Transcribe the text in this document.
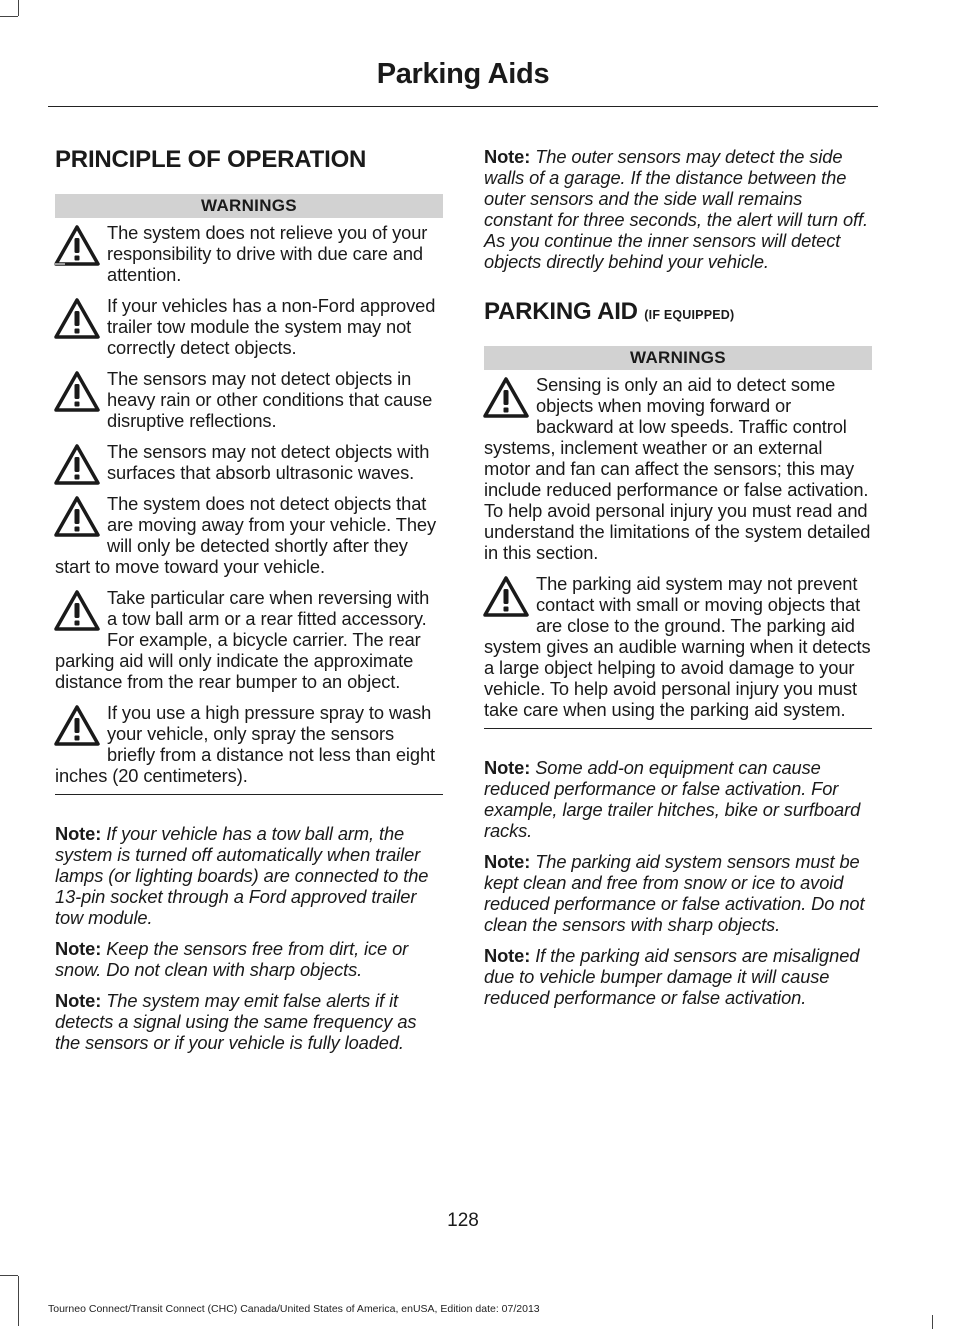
Parking Aids
PRINCIPLE OF OPERATION
WARNINGS
The system does not relieve you of your responsibility to drive with due care and attention.
If your vehicles has a non-Ford approved trailer tow module the system may not correctly detect objects.
The sensors may not detect objects in heavy rain or other conditions that cause disruptive reflections.
The sensors may not detect objects with surfaces that absorb ultrasonic waves.
The system does not detect objects that are moving away from your vehicle. They will only be detected shortly after they start to move toward your vehicle.
Take particular care when reversing with a tow ball arm or a rear fitted accessory. For example, a bicycle carrier. The rear parking aid will only indicate the approximate distance from the rear bumper to an object.
If you use a high pressure spray to wash your vehicle, only spray the sensors briefly from a distance not less than eight inches (20 centimeters).

Note: If your vehicle has a tow ball arm, the system is turned off automatically when trailer lamps (or lighting boards) are connected to the 13-pin socket through a Ford approved trailer tow module.

Note: Keep the sensors free from dirt, ice or snow. Do not clean with sharp objects.

Note: The system may emit false alerts if it detects a signal using the same frequency as the sensors or if your vehicle is fully loaded.

Note: The outer sensors may detect the side walls of a garage. If the distance between the outer sensors and the side wall remains constant for three seconds, the alert will turn off. As you continue the inner sensors will detect objects directly behind your vehicle.

PARKING AID (IF EQUIPPED)
WARNINGS
Sensing is only an aid to detect some objects when moving forward or backward at low speeds. Traffic control systems, inclement weather or an external motor and fan can affect the sensors; this may include reduced performance or false activation. To help avoid personal injury you must read and understand the limitations of the system detailed in this section.
The parking aid system may not prevent contact with small or moving objects that are close to the ground. The parking aid system gives an audible warning when it detects a large object helping to avoid damage to your vehicle. To help avoid personal injury you must take care when using the parking aid system.

Note: Some add-on equipment can cause reduced performance or false activation. For example, large trailer hitches, bike or surfboard racks.

Note: The parking aid system sensors must be kept clean and free from snow or ice to avoid reduced performance or false activation. Do not clean the sensors with sharp objects.

Note: If the parking aid sensors are misaligned due to vehicle bumper damage it will cause reduced performance or false activation.

128
Tourneo Connect/Transit Connect (CHC) Canada/United States of America, enUSA, Edition date: 07/2013
